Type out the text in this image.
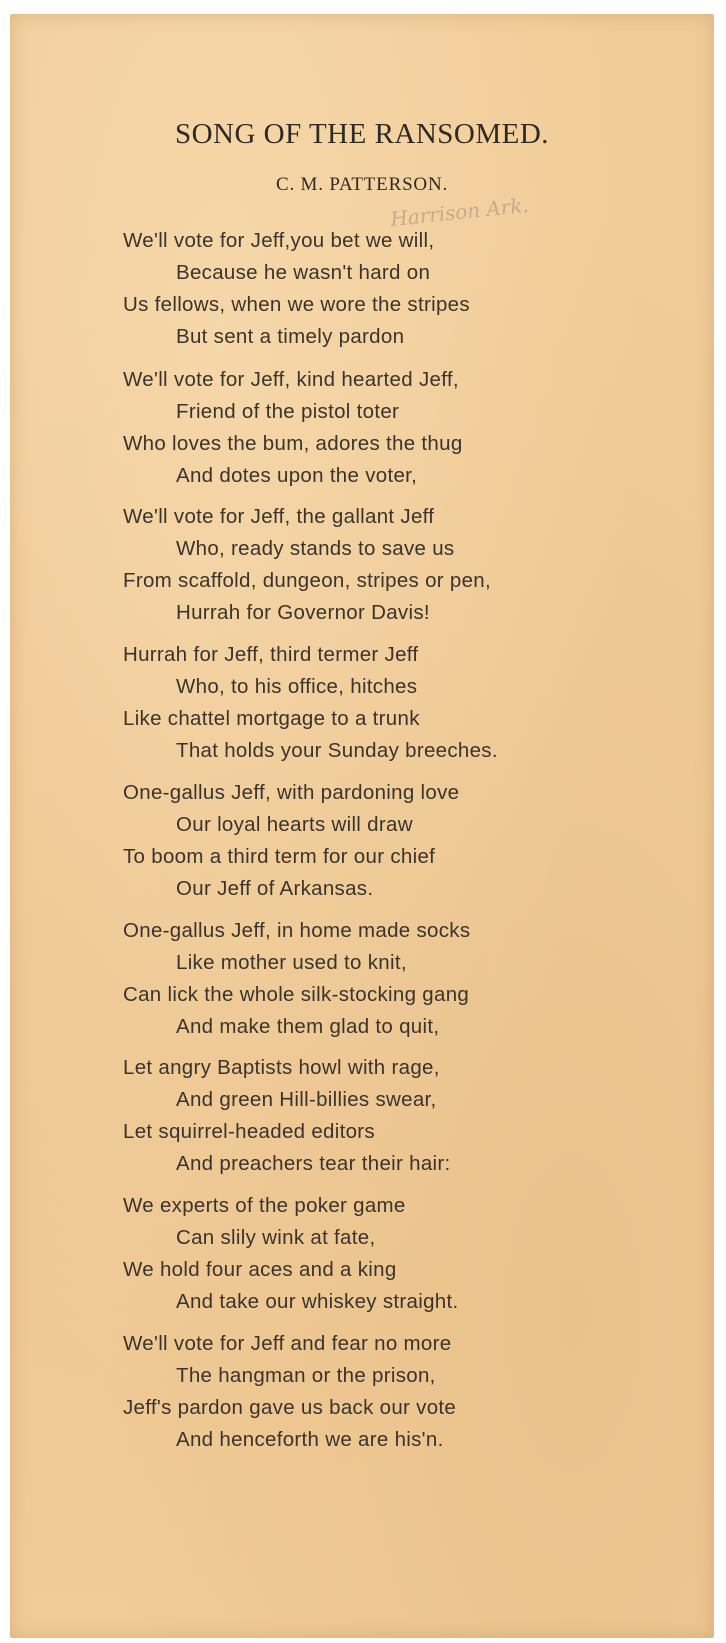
SONG OF THE RANSOMED.
C. M. PATTERSON.
Harrison Ark.
We'll vote for Jeff,you bet we will,
Because he wasn't hard on
Us fellows, when we wore the stripes
But sent a timely pardon
We'll vote for Jeff, kind hearted Jeff,
Friend of the pistol toter
Who loves the bum, adores the thug
And dotes upon the voter,
We'll vote for Jeff, the gallant Jeff
Who, ready stands to save us
From scaffold, dungeon, stripes or pen,
Hurrah for Governor Davis!
Hurrah for Jeff, third termer Jeff
Who, to his office, hitches
Like chattel mortgage to a trunk
That holds your Sunday breeches.
One-gallus Jeff, with pardoning love
Our loyal hearts will draw
To boom a third term for our chief
Our Jeff of Arkansas.
One-gallus Jeff, in home made socks
Like mother used to knit,
Can lick the whole silk-stocking gang
And make them glad to quit,
Let angry Baptists howl with rage,
And green Hill-billies swear,
Let squirrel-headed editors
And preachers tear their hair:
We experts of the poker game
Can slily wink at fate,
We hold four aces and a king
And take our whiskey straight.
We'll vote for Jeff and fear no more
The hangman or the prison,
Jeff's pardon gave us back our vote
And henceforth we are his'n.
